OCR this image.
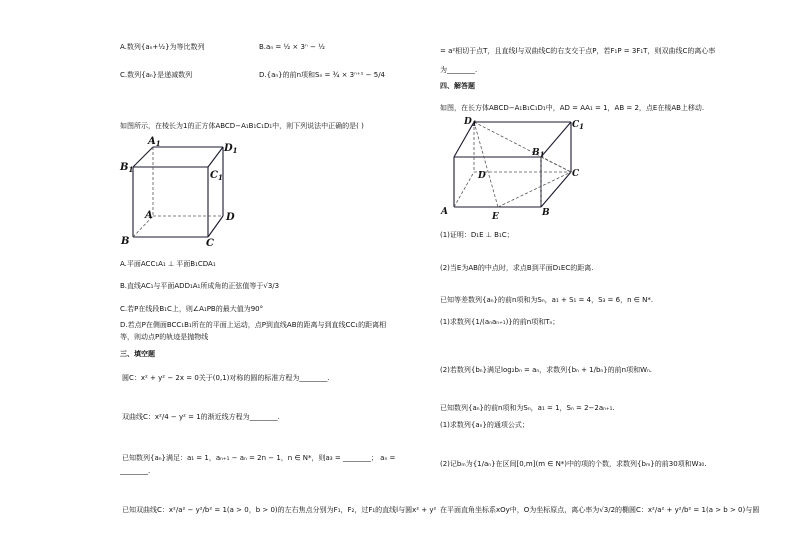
A.数列{aₙ+½}为等比数列	B.aₙ = ½ × 3ⁿ − ½
C.数列{aₙ}是递减数列	D.{aₙ}的前n项和Sₙ = ¾ × 3ⁿ⁺¹ − 5/4
如图所示，在棱长为1的正方体ABCD−A₁B₁C₁D₁中，则下列说法中正确的是( )
$A_1$	$D_1$
$B_1$
$C_1$
A	D
B	C
A.平面ACC₁A₁ ⊥ 平面B₁CDA₁
B.直线AC₁与平面ADD₁A₁所成角的正弦值等于√3/3
C.若P在线段B₁C上，则∠A₁PB的最大值为90°
D.若点P在侧面BCC₁B₁所在的平面上运动，点P到直线AB的距离与到直线CC₁的距离相
等，则动点P的轨迹是抛物线
三、填空题
圆C：x² + y² − 2x = 0关于(0,1)对称的圆的标准方程为________.
双曲线C：x²/4 − y² = 1的渐近线方程为________.
已知数列{aₙ}满足：a₁ = 1，aₙ₊₁ − aₙ = 2n − 1，n ∈ N*，则a₃ = ________； aₙ =
________.
已知双曲线C：x²/a² − y²/b² = 1(a > 0，b > 0)的左右焦点分别为F₁，F₂，过F₁的直线l与圆x² + y²
= a²相切于点T，且直线l与双曲线C的右支交于点P，若F₁P = 3F₁T，则双曲线C的离心率
为________.
四、解答题
如图，在长方体ABCD−A₁B₁C₁D₁中，AD = AA₁ = 1，AB = 2，点E在棱AB上移动.
$D_1$	$C_1$
$B_1$
D	C
A	E	B
(1)证明：D₁E ⊥ B₁C；
(2)当E为AB的中点时，求点B到平面D₁EC的距离.
已知等差数列{aₙ}的前n项和为Sₙ，a₁ + S₁ = 4，S₃ = 6，n ∈ N*.
(1)求数列{1/(aₙaₙ₊₁)}的前n项和Tₙ；
(2)若数列{bₙ}满足log₂bₙ = aₙ，求数列{bₙ + 1/bₙ}的前n项和Wₙ.
已知数列{aₙ}的前n项和为Sₙ，a₁ = 1，Sₙ = 2−2aₙ₊₁.
(1)求数列{aₙ}的通项公式；
(2)记bₘ为{1/aₙ}在区间[0,m](m ∈ N*)中的项的个数，求数列{bₘ}的前30项和W₃₀.
在平面直角坐标系xOy中，O为坐标原点，离心率为√3/2的椭圆C：x²/a² + y²/b² = 1(a > b > 0)与圆
